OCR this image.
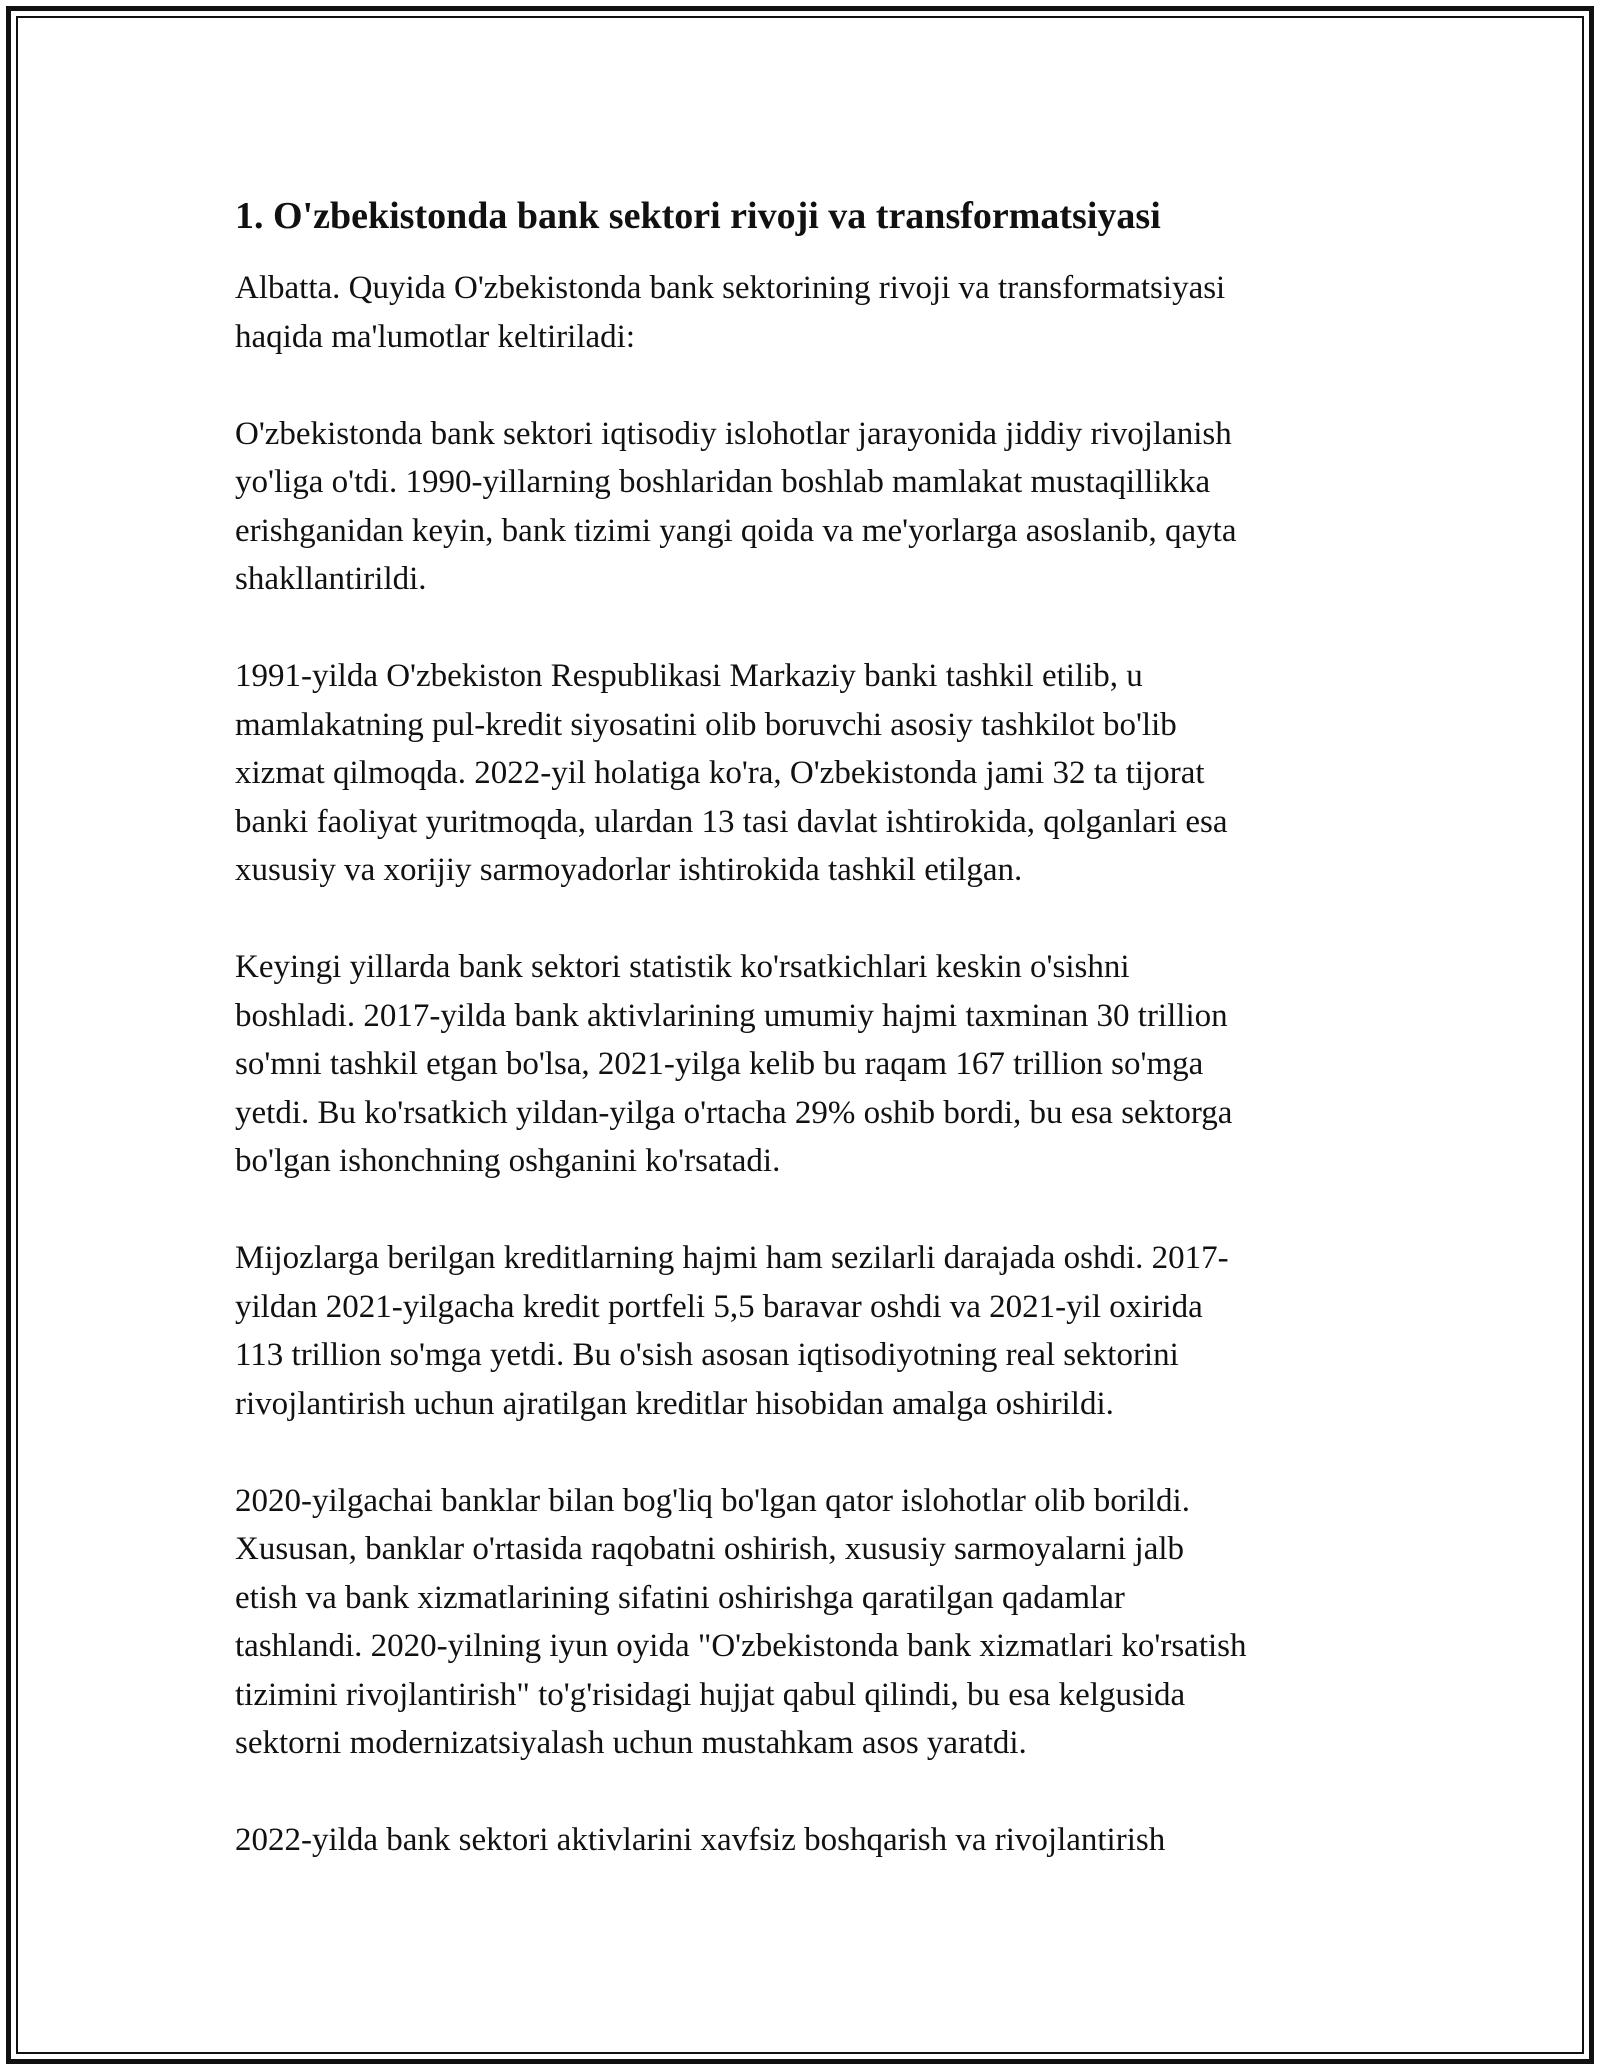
1. O'zbekistonda bank sektori rivoji va transformatsiyasi

Albatta. Quyida O'zbekistonda bank sektorining rivoji va transformatsiyasi
haqida ma'lumotlar keltiriladi:

O'zbekistonda bank sektori iqtisodiy islohotlar jarayonida jiddiy rivojlanish
yo'liga o'tdi. 1990-yillarning boshlaridan boshlab mamlakat mustaqillikka
erishganidan keyin, bank tizimi yangi qoida va me'yorlarga asoslanib, qayta
shakllantirildi.

1991-yilda O'zbekiston Respublikasi Markaziy banki tashkil etilib, u
mamlakatning pul-kredit siyosatini olib boruvchi asosiy tashkilot bo'lib
xizmat qilmoqda. 2022-yil holatiga ko'ra, O'zbekistonda jami 32 ta tijorat
banki faoliyat yuritmoqda, ulardan 13 tasi davlat ishtirokida, qolganlari esa
xususiy va xorijiy sarmoyadorlar ishtirokida tashkil etilgan.

Keyingi yillarda bank sektori statistik ko'rsatkichlari keskin o'sishni
boshladi. 2017-yilda bank aktivlarining umumiy hajmi taxminan 30 trillion
so'mni tashkil etgan bo'lsa, 2021-yilga kelib bu raqam 167 trillion so'mga
yetdi. Bu ko'rsatkich yildan-yilga o'rtacha 29% oshib bordi, bu esa sektorga
bo'lgan ishonchning oshganini ko'rsatadi.

Mijozlarga berilgan kreditlarning hajmi ham sezilarli darajada oshdi. 2017-
yildan 2021-yilgacha kredit portfeli 5,5 baravar oshdi va 2021-yil oxirida
113 trillion so'mga yetdi. Bu o'sish asosan iqtisodiyotning real sektorini
rivojlantirish uchun ajratilgan kreditlar hisobidan amalga oshirildi.

2020-yilgachai banklar bilan bog'liq bo'lgan qator islohotlar olib borildi.
Xususan, banklar o'rtasida raqobatni oshirish, xususiy sarmoyalarni jalb
etish va bank xizmatlarining sifatini oshirishga qaratilgan qadamlar
tashlandi. 2020-yilning iyun oyida "O'zbekistonda bank xizmatlari ko'rsatish
tizimini rivojlantirish" to'g'risidagi hujjat qabul qilindi, bu esa kelgusida
sektorni modernizatsiyalash uchun mustahkam asos yaratdi.

2022-yilda bank sektori aktivlarini xavfsiz boshqarish va rivojlantirish
